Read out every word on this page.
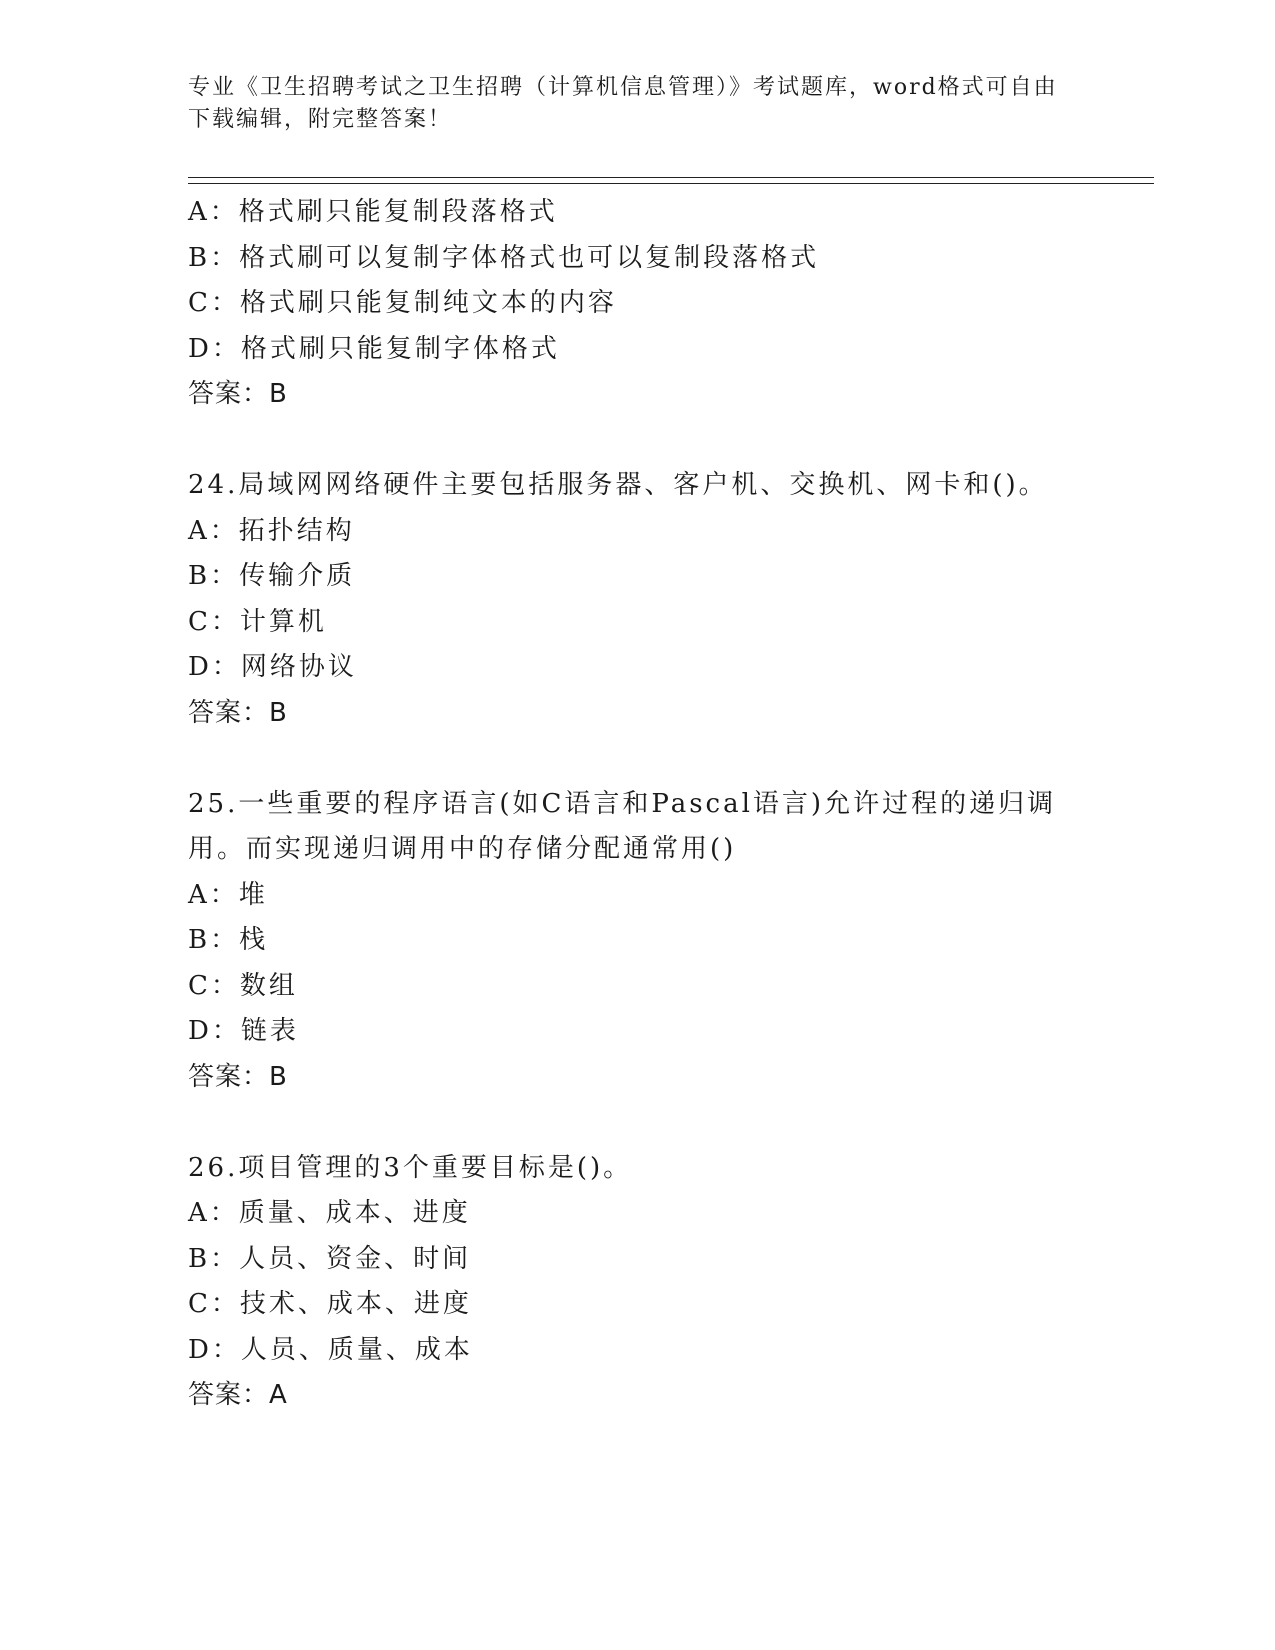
专业《卫生招聘考试之卫生招聘（计算机信息管理）》考试题库，word格式可自由下载编辑，附完整答案！
A：格式刷只能复制段落格式
B：格式刷可以复制字体格式也可以复制段落格式
C：格式刷只能复制纯文本的内容
D：格式刷只能复制字体格式
答案：B
24.局域网网络硬件主要包括服务器、客户机、交换机、网卡和()。
A：拓扑结构
B：传输介质
C：计算机
D：网络协议
答案：B
25.一些重要的程序语言(如C语言和Pascal语言)允许过程的递归调用。而实现递归调用中的存储分配通常用()
A：堆
B：栈
C：数组
D：链表
答案：B
26.项目管理的3个重要目标是()。
A：质量、成本、进度
B：人员、资金、时间
C：技术、成本、进度
D：人员、质量、成本
答案：A
